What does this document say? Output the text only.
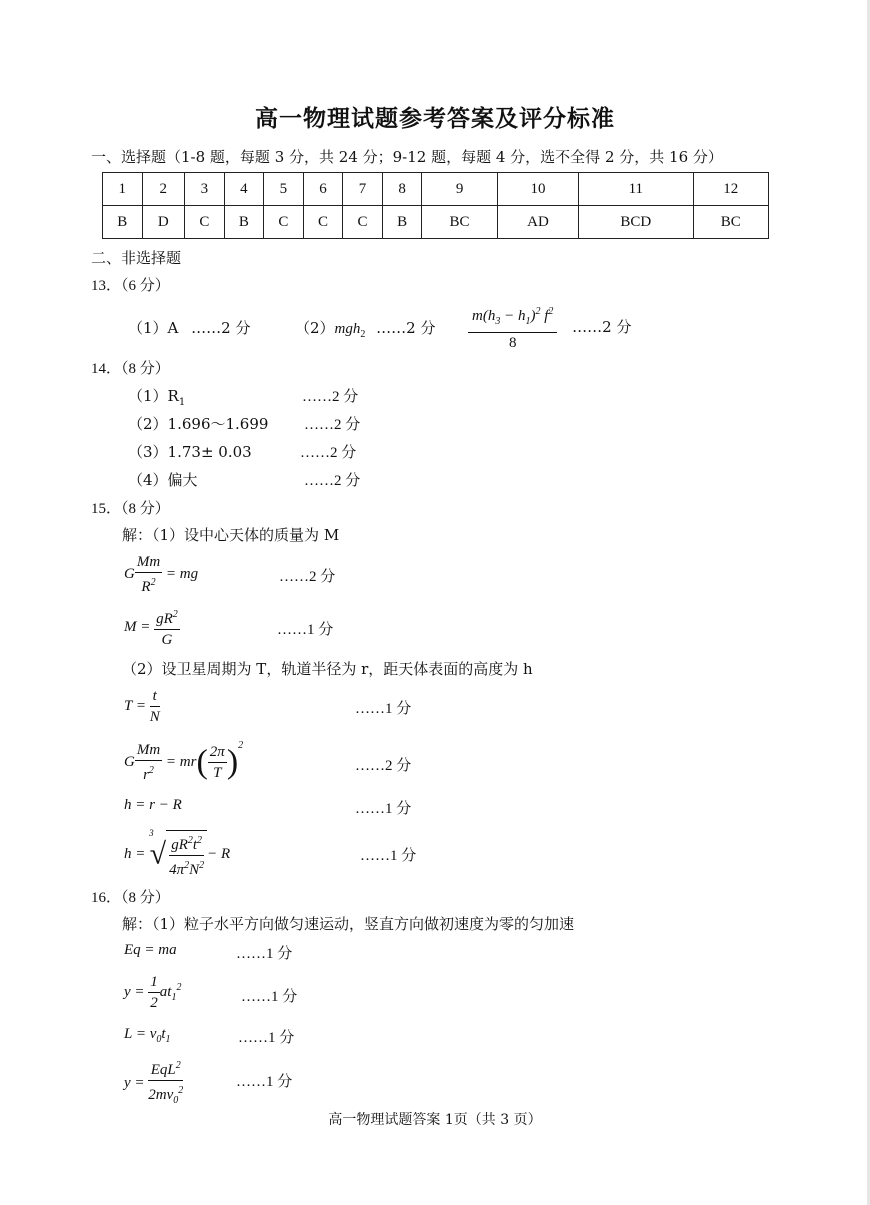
高一物理试题参考答案及评分标准
一、选择题（1-8 题，每题 3 分，共 24 分；9-12 题，每题 4 分，选不全得 2 分，共 16 分）
1	2	3	4	5	6	7	8	9	10	11	12
B	D	C	B	C	C	C	B	BC	AD	BCD	BC
二、非选择题
13．（6 分）
（1）A ……2 分	（2）mgh$_2$ ……2 分 $\frac{m(h_3 - h_1)^2 f^2}{8}$ ……2 分
14．（8 分）
$(1)R_1$	……2 分
（2）1.696～1.699 ……2 分
（3）1.73± 0.03	……2 分
（4）偏大	……2 分
15．（8 分）
解：（1）设中心天体的质量为 M
G $\frac{Mm}{R^2}$ = mg	……2 分
$M = \frac{gR^2}{G}$	……1 分
（2）设卫星周期为 T，轨道半径为 r，距天体表面的高度为 h
$T = \frac{t}{N}$	……1 分
G $\frac{Mm}{r^2} = mr( \frac{2\pi}{T} )^2$
……2 分
h = r − R	……1 分
$h = ^3√ \frac{gR^2t^2}{4\pi^2N^2} - R$	……1 分
16．（8 分）
解：（1）粒子水平方向做匀速运动，竖直方向做初速度为零的匀加速
Eq = ma	……1 分
$y = \frac{1}{2} at_1^2$
……1 分
$L = v_0t_1$	……1 分
$y = \frac{EqL^2}{2mv_0^2}$	……1 分
高一物理试题答案 1页（共 3 页）
